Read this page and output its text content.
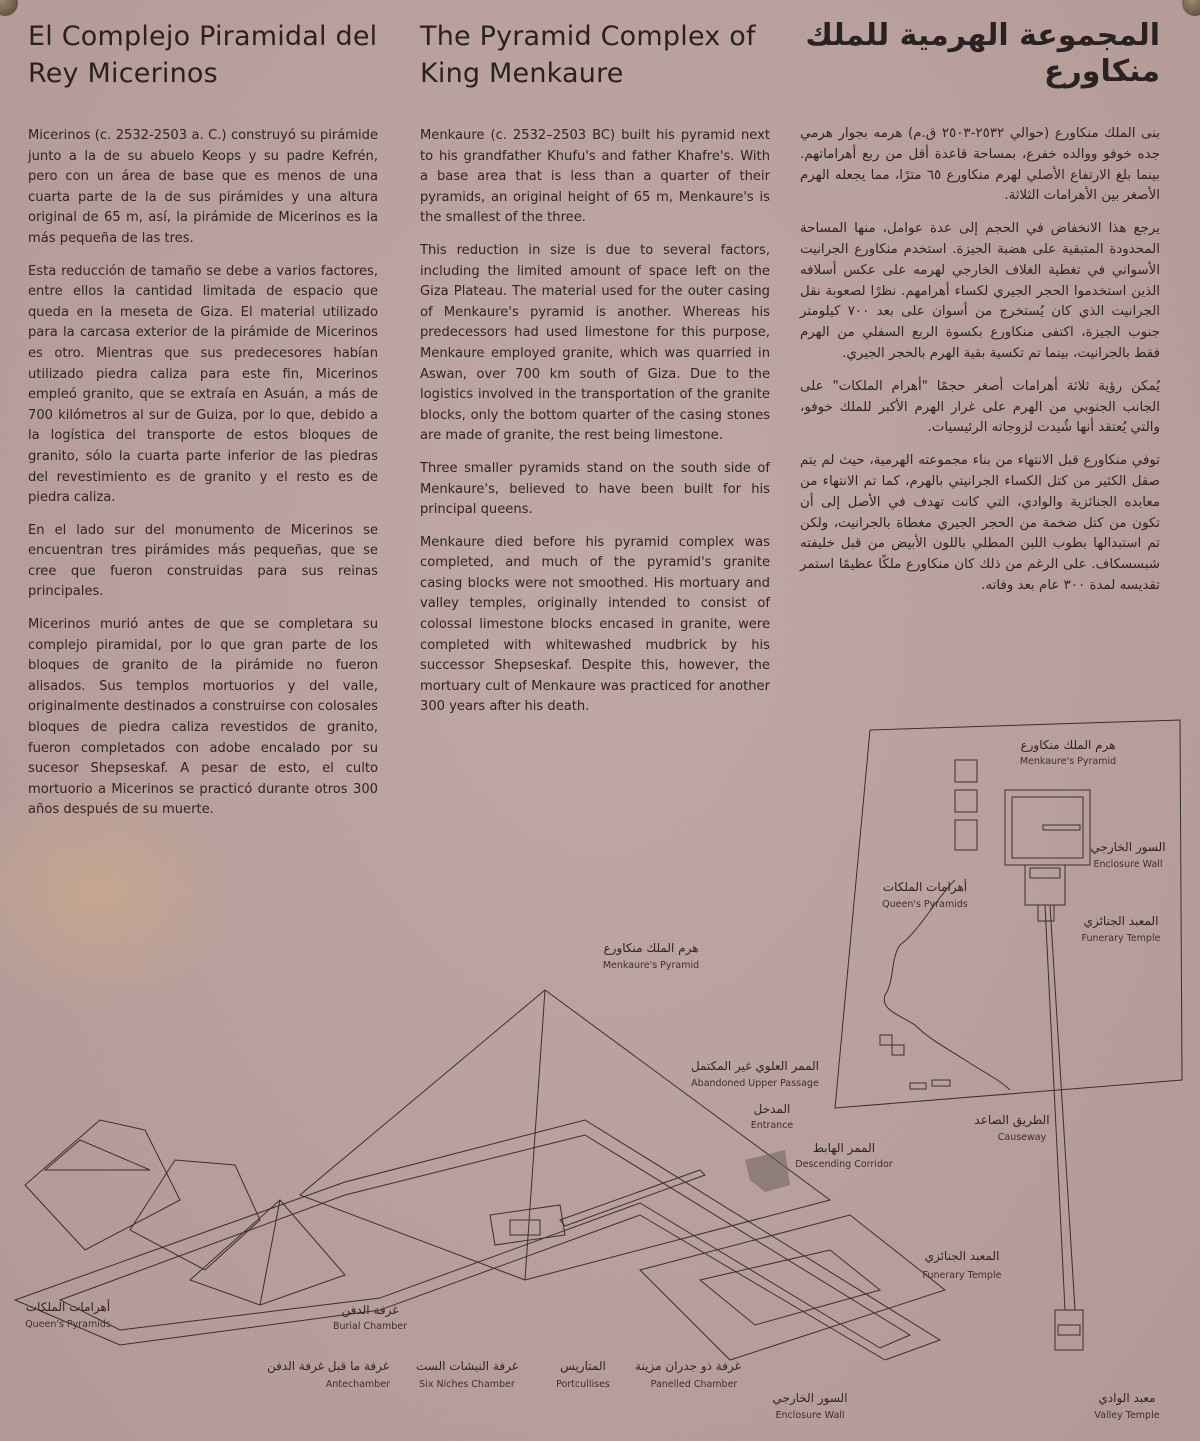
El Complejo Piramidal del Rey Micerinos

Micerinos (c. 2532-2503 a. C.) construyó su pirámide junto a la de su abuelo Keops y su padre Kefrén, pero con un área de base que es menos de una cuarta parte de la de sus pirámides y una altura original de 65 m, así, la pirámide de Micerinos es la más pequeña de las tres.

Esta reducción de tamaño se debe a varios factores, entre ellos la cantidad limitada de espacio que queda en la meseta de Giza. El material utilizado para la carcasa exterior de la pirámide de Micerinos es otro. Mientras que sus predecesores habían utilizado piedra caliza para este fin, Micerinos empleó granito, que se extraía en Asuán, a más de 700 kilómetros al sur de Guiza, por lo que, debido a la logística del transporte de estos bloques de granito, sólo la cuarta parte inferior de las piedras del revestimiento es de granito y el resto es de piedra caliza.

En el lado sur del monumento de Micerinos se encuentran tres pirámides más pequeñas, que se cree que fueron construidas para sus reinas principales.

Micerinos murió antes de que se completara su complejo piramidal, por lo que gran parte de los bloques de granito de la pirámide no fueron alisados. Sus templos mortuorios y del valle, originalmente destinados a construirse con colosales bloques de piedra caliza revestidos de granito, fueron completados con adobe encalado por su sucesor Shepseskaf. A pesar de esto, el culto mortuorio a Micerinos se practicó durante otros 300 años después de su muerte.

The Pyramid Complex of King Menkaure

Menkaure (c. 2532–2503 BC) built his pyramid next to his grandfather Khufu's and father Khafre's. With a base area that is less than a quarter of their pyramids, an original height of 65 m, Menkaure's is the smallest of the three.

This reduction in size is due to several factors, including the limited amount of space left on the Giza Plateau. The material used for the outer casing of Menkaure's pyramid is another. Whereas his predecessors had used limestone for this purpose, Menkaure employed granite, which was quarried in Aswan, over 700 km south of Giza. Due to the logistics involved in the transportation of the granite blocks, only the bottom quarter of the casing stones are made of granite, the rest being limestone.

Three smaller pyramids stand on the south side of Menkaure's, believed to have been built for his principal queens.

Menkaure died before his pyramid complex was completed, and much of the pyramid's granite casing blocks were not smoothed. His mortuary and valley temples, originally intended to consist of colossal limestone blocks encased in granite, were completed with whitewashed mudbrick by his successor Shepseskaf. Despite this, however, the mortuary cult of Menkaure was practiced for another 300 years after his death.

المجموعة الهرمية للملك منكاورع

بنى الملك منكاورع (حوالي ٢٥٣٢-٢٥٠٣ ق.م) هرمه بجوار هرمي جده خوفو ووالده خفرع، بمساحة قاعدة أقل من ربع أهراماتهم. بينما بلغ الارتفاع الأصلي لهرم منكاورع ٦٥ مترًا، مما يجعله الهرم الأصغر بين الأهرامات الثلاثة.

يرجع هذا الانخفاض في الحجم إلى عدة عوامل، منها المساحة المحدودة المتبقية على هضبة الجيزة. استخدم منكاورع الجرانيت الأسواني في تغطية الغلاف الخارجي لهرمه على عكس أسلافه الذين استخدموا الحجر الجيري لكساء أهرامهم. نظرًا لصعوبة نقل الجرانيت الذي كان يُستخرج من أسوان على بعد ٧٠٠ كيلومتر جنوب الجيزة، اكتفى منكاورع بكسوة الربع السفلي من الهرم فقط بالجرانيت، بينما تم تكسية بقية الهرم بالحجر الجيري.

يُمكن رؤية ثلاثة أهرامات أصغر حجمًا "أهرام الملكات" على الجانب الجنوبي من الهرم على غرار الهرم الأكبر للملك خوفو، والتي يُعتقد أنها شُيدت لزوجاته الرئيسيات.

توفي منكاورع قبل الانتهاء من بناء مجموعته الهرمية، حيث لم يتم صقل الكثير من كتل الكساء الجرانيتي بالهرم، كما تم الانتهاء من معابده الجنائزية والوادي، التي كانت تهدف في الأصل إلى أن تكون من كتل ضخمة من الحجر الجيري مغطاة بالجرانيت، ولكن تم استبدالها بطوب اللبن المطلي باللون الأبيض من قبل خليفته شبسسكاف. على الرغم من ذلك كان منكاورع ملكًا عظيمًا استمر تقديسه لمدة ٣٠٠ عام بعد وفاته.

هرم الملك منكاورع
Menkaure's Pyramid
السور الخارجي
Enclosure Wall
أهرامات الملكات
Queen's Pyramids
المعبد الجنائزي
Funerary Temple
هرم الملك منكاورع
Menkaure's Pyramid
الممر العلوي غير المكتمل
Abandoned Upper Passage
المدخل
Entrance
الممر الهابط
Descending Corridor
الطريق الصاعد
Causeway
المعبد الجنائزي
Funerary Temple
أهرامات الملكات
Queen's Pyramids
غرفة الدفن
Burial Chamber
غرفة ما قبل غرفة الدفن
Antechamber
غرفة النيشات الست
Six Niches Chamber
المتاريس
Portcullises
غرفة ذو جدران مزينة
Panelled Chamber
السور الخارجي
Enclosure Wall
معبد الوادي
Valley Temple
